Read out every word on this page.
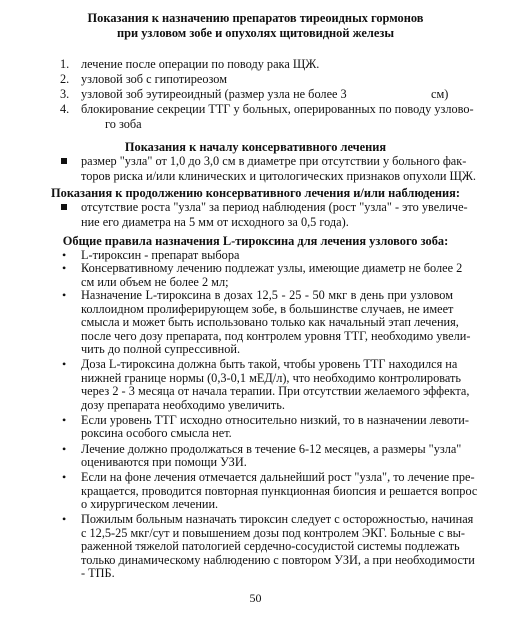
Показания к назначению препаратов тиреоидных гормонов
при узловом зобе и опухолях щитовидной железы
1. лечение после операции по поводу рака ЩЖ.
2. узловой зоб с гипотиреозом
3. узловой зоб эутиреоидный (размер узла не более 3	см)
4. блокирование секреции ТТГ у больных, оперированных по поводу узлово-
го зоба
Показания к началу консервативного лечения
размер "узла" от 1,0 до 3,0 см в диаметре при отсутствии у больного фак-
торов риска и/или клинических и цитологических признаков опухоли ЩЖ.
Показания к продолжению консервативного лечения и/или наблюдения:
отсутствие роста "узла" за период наблюдения (рост "узла" - это увеличе-
ние его диаметра на 5 мм от исходного за 0,5 года).
Общие правила назначения L-тироксина для лечения узлового зоба:
• L-тироксин - препарат выбора
• Консервативному лечению подлежат узлы, имеющие диаметр не более 2
см или объем не более 2 мл;
• Назначение L-тироксина в дозах 12,5 - 25 - 50 мкг в день при узловом
коллоидном пролиферирующем зобе, в большинстве случаев, не имеет
смысла и может быть использовано только как начальный этап лечения,
после чего дозу препарата, под контролем уровня ТТГ, необходимо увели-
чить до полной супрессивной.
• Доза L-тироксина должна быть такой, чтобы уровень ТТГ находился на
нижней границе нормы (0,3-0,1 мЕД/л), что необходимо контролировать
через 2 - 3 месяца от начала терапии. При отсутствии желаемого эффекта,
дозу препарата необходимо увеличить.
• Если уровень ТТГ исходно относительно низкий, то в назначении левоти-
роксина особого смысла нет.
• Лечение должно продолжаться в течение 6-12 месяцев, а размеры "узла"
оцениваются при помощи УЗИ.
• Если на фоне лечения отмечается дальнейший рост "узла", то лечение пре-
кращается, проводится повторная пункционная биопсия и решается вопрос
о хирургическом лечении.
• Пожилым больным назначать тироксин следует с осторожностью, начиная
с 12,5-25 мкг/сут и повышением дозы под контролем ЭКГ. Больные с вы-
раженной тяжелой патологией сердечно-сосудистой системы подлежать
только динамическому наблюдению с повтором УЗИ, а при необходимости
- ТПБ.
50
